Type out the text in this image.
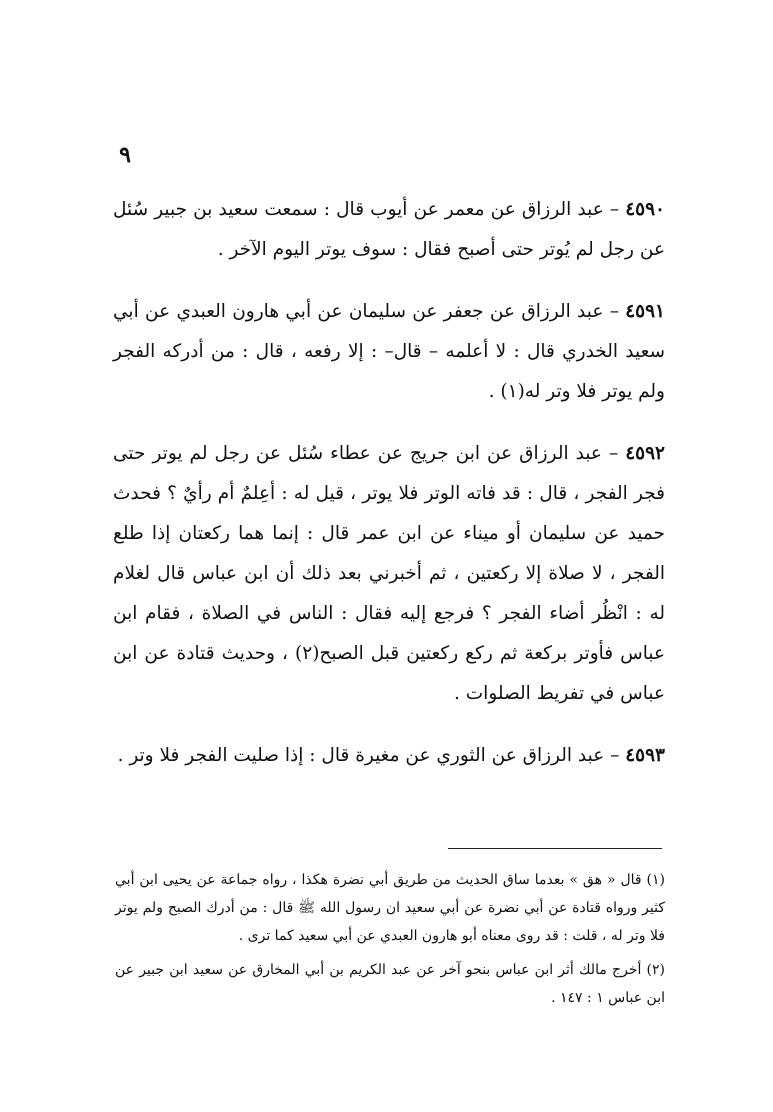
٩

٤٥٩٠ – عبد الرزاق عن معمر عن أيوب قال : سمعت سعيد بن جبير سُئل عن رجل لم يُوتر حتى أصبح فقال : سوف يوتر اليوم الآخر .

٤٥٩١ – عبد الرزاق عن جعفر عن سليمان عن أبي هارون العبدي عن أبي سعيد الخدري قال : لا أعلمه – قال– : إلا رفعه ، قال : من أدركه الفجر ولم يوتر فلا وتر له(١) .

٤٥٩٢ – عبد الرزاق عن ابن جريج عن عطاء سُئل عن رجل لم يوتر حتى فجر الفجر ، قال : قد فاته الوتر فلا يوتر ، قيل له : أعِلمٌ أم رأيٌ ؟ فحدث حميد عن سليمان أو ميناء عن ابن عمر قال : إنما هما ركعتان إذا طلع الفجر ، لا صلاة إلا ركعتين ، ثم أخبرني بعد ذلك أن ابن عباس قال لغلام له : انْظُر أضاء الفجر ؟ فرجع إليه فقال : الناس في الصلاة ، فقام ابن عباس فأوتر بركعة ثم ركع ركعتين قبل الصبح(٢) ، وحديث قتادة عن ابن عباس في تفريط الصلوات .

٤٥٩٣ – عبد الرزاق عن الثوري عن مغيرة قال : إذا صليت الفجر فلا وتر .

(١) قال « هق » بعدما ساق الحديث من طريق أبي نضرة هكذا ، رواه جماعة عن يحيى ابن أبي كثير ورواه قتادة عن أبي نضرة عن أبي سعيد ان رسول الله ﷺ قال : من أدرك الصبح ولم يوتر فلا وتر له ، قلت : قد روى معناه أبو هارون العبدي عن أبي سعيد كما ترى .

(٢) أخرج مالك أثر ابن عباس بنحو آخر عن عبد الكريم بن أبي المخارق عن سعيد ابن جبير عن ابن عباس ١ : ١٤٧ .
